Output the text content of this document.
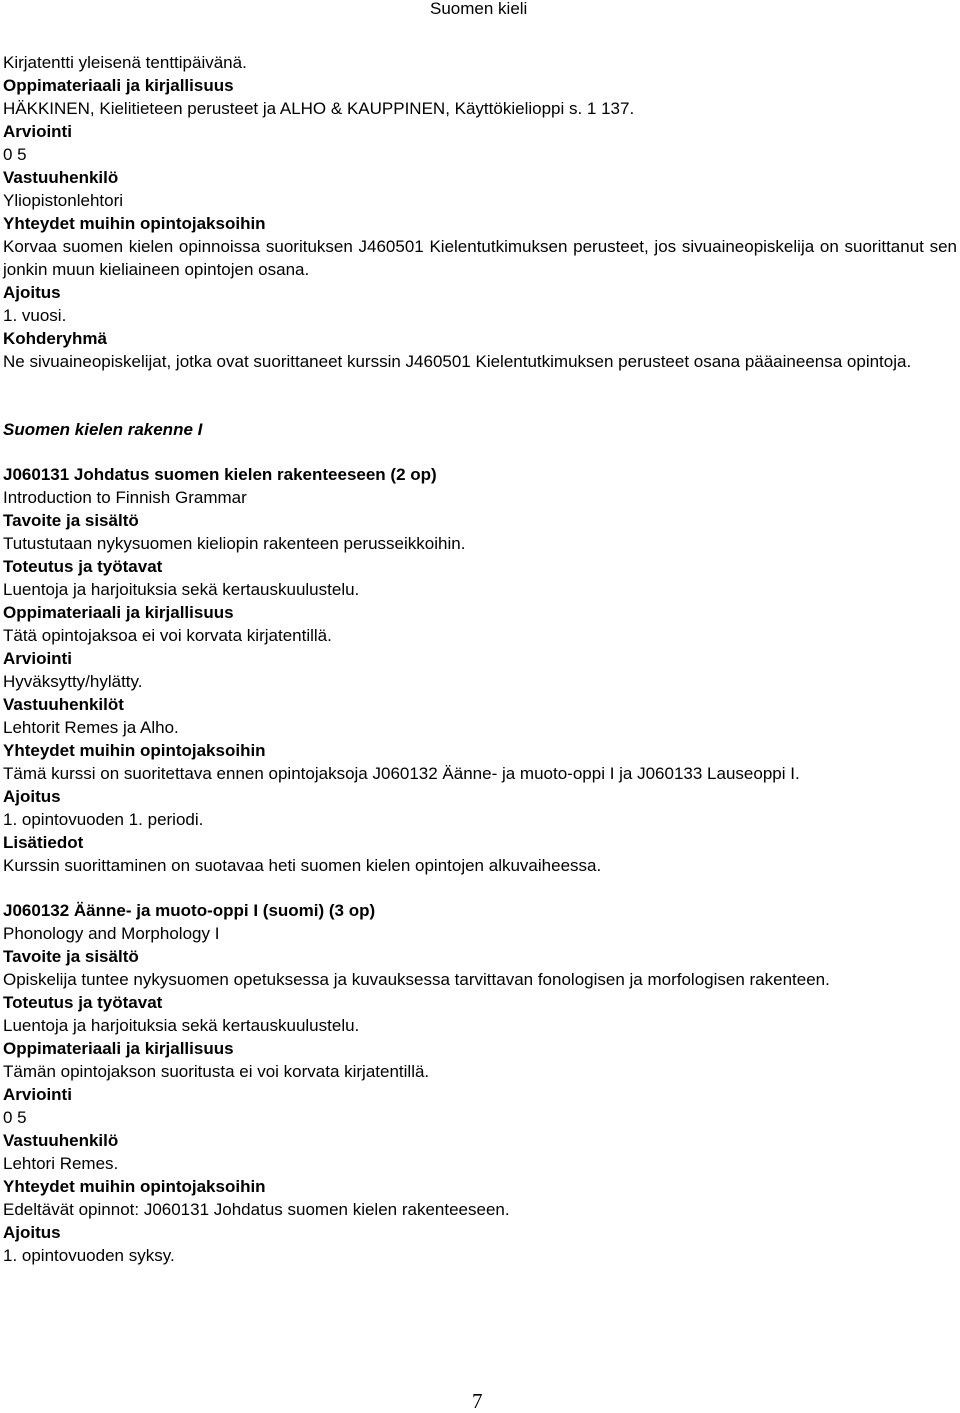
Suomen kieli

Kirjatentti yleisenä tenttipäivänä.

Oppimateriaali ja kirjallisuus

HÄKKINEN, Kielitieteen perusteet ja ALHO & KAUPPINEN, Käyttökielioppi s. 1 137.

Arviointi

0 5

Vastuuhenkilö

Yliopistonlehtori

Yhteydet muihin opintojaksoihin

Korvaa suomen kielen opinnoissa suorituksen J460501 Kielentutkimuksen perusteet, jos sivuaineopiskelija on suorittanut sen jonkin muun kieliaineen opintojen osana.

Ajoitus

1. vuosi.

Kohderyhmä

Ne sivuaineopiskelijat, jotka ovat suorittaneet kurssin J460501 Kielentutkimuksen perusteet osana pääaineensa opintoja.

Suomen kielen rakenne I

J060131 Johdatus suomen kielen rakenteeseen (2 op)

Introduction to Finnish Grammar

Tavoite ja sisältö

Tutustutaan nykysuomen kieliopin rakenteen perusseikkoihin.

Toteutus ja työtavat

Luentoja ja harjoituksia sekä kertauskuulustelu.

Oppimateriaali ja kirjallisuus

Tätä opintojaksoa ei voi korvata kirjatentillä.

Arviointi

Hyväksytty/hylätty.

Vastuuhenkilöt

Lehtorit Remes ja Alho.

Yhteydet muihin opintojaksoihin

Tämä kurssi on suoritettava ennen opintojaksoja J060132 Äänne- ja muoto-oppi I ja J060133 Lauseoppi I.

Ajoitus

1. opintovuoden 1. periodi.

Lisätiedot

Kurssin suorittaminen on suotavaa heti suomen kielen opintojen alkuvaiheessa.

J060132 Äänne- ja muoto-oppi I (suomi) (3 op)

Phonology and Morphology I

Tavoite ja sisältö

Opiskelija tuntee nykysuomen opetuksessa ja kuvauksessa tarvittavan fonologisen ja morfologisen rakenteen.

Toteutus ja työtavat

Luentoja ja harjoituksia sekä kertauskuulustelu.

Oppimateriaali ja kirjallisuus

Tämän opintojakson suoritusta ei voi korvata kirjatentillä.

Arviointi

0 5

Vastuuhenkilö

Lehtori Remes.

Yhteydet muihin opintojaksoihin

Edeltävät opinnot: J060131 Johdatus suomen kielen rakenteeseen.

Ajoitus

1. opintovuoden syksy.

7
